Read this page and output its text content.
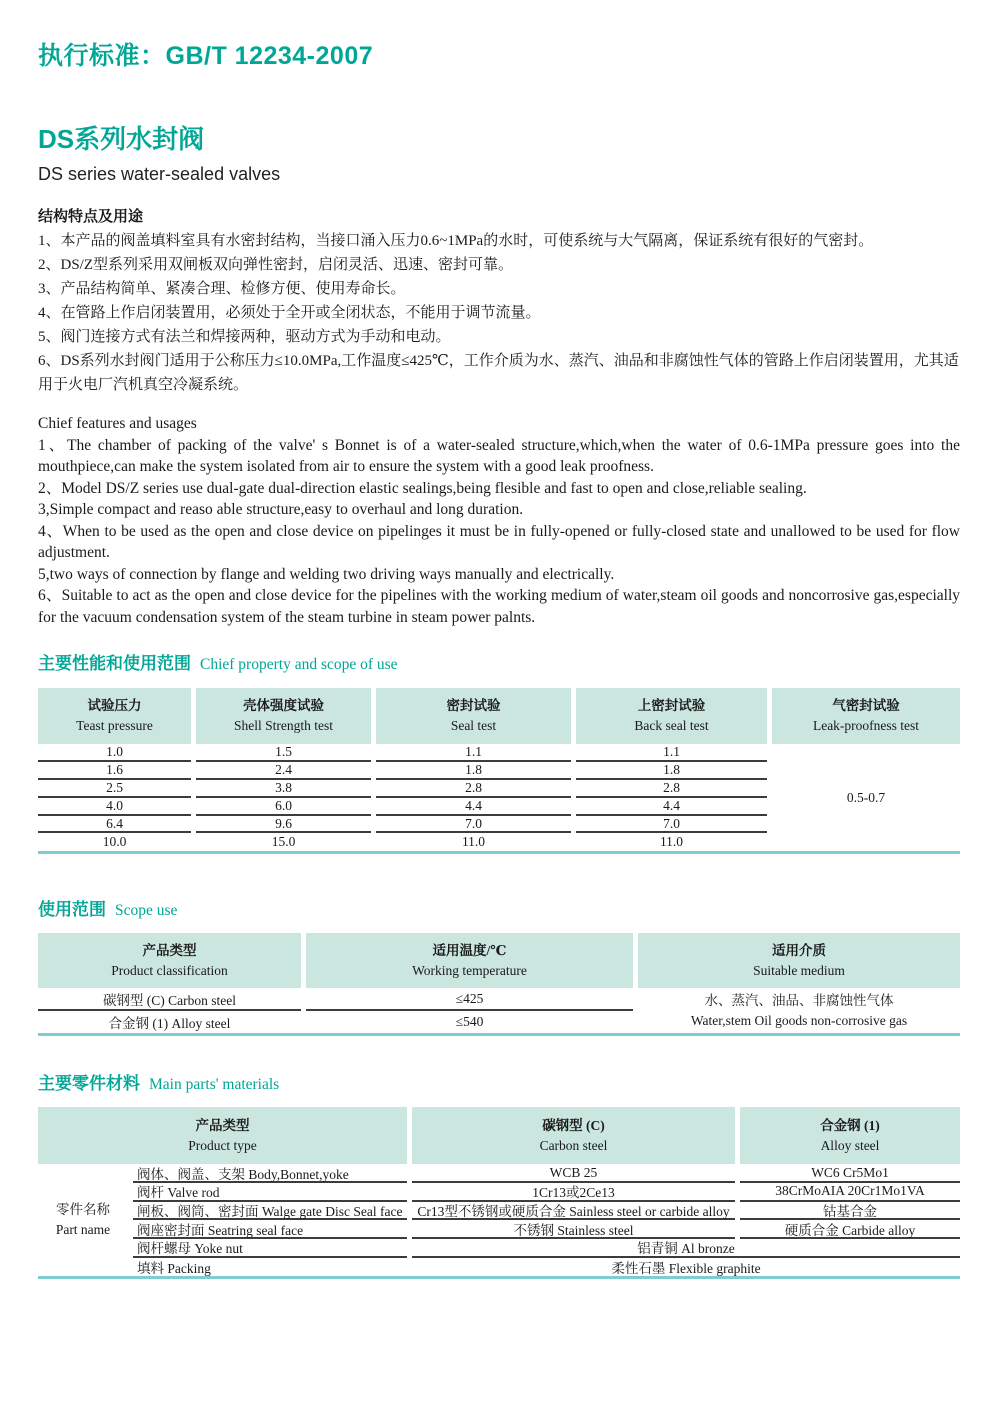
执行标准：GB/T 12234-2007
DS系列水封阀
DS series water-sealed valves
结构特点及用途
1、本产品的阀盖填料室具有水密封结构，当接口涌入压力0.6~1MPa的水时，可使系统与大气隔离，保证系统有很好的气密封。
2、DS/Z型系列采用双闸板双向弹性密封，启闭灵活、迅速、密封可靠。
3、产品结构简单、紧凑合理、检修方便、使用寿命长。
4、在管路上作启闭装置用，必须处于全开或全闭状态，不能用于调节流量。
5、阀门连接方式有法兰和焊接两种，驱动方式为手动和电动。
6、DS系列水封阀门适用于公称压力≤10.0MPa,工作温度≤425℃，工作介质为水、蒸汽、油品和非腐蚀性气体的管路上作启闭装置用，尤其适用于火电厂汽机真空冷凝系统。
Chief features and usages
1、The chamber of packing of the valve' s Bonnet is of a water-sealed structure,which,when the water of 0.6-1MPa pressure goes into the mouthpiece,can make the system isolated from air to ensure the system with a good leak proofness.
2、Model DS/Z series use dual-gate dual-direction elastic sealings,being flesible and fast to open and close,reliable sealing.
3,Simple compact and reaso able structure,easy to overhaul and long duration.
4、When to be used as the open and close device on pipelinges it must be in fully-opened or fully-closed state and unallowed to be used for flow adjustment.
5,two ways of connection by flange and welding two driving ways manually and electrically.
6、Suitable to act as the open and close device for the pipelines with the working medium of water,steam oil goods and noncorrosive gas,especially for the vacuum condensation system of the steam turbine in steam power palnts.
主要性能和使用范围 Chief property and scope of use
试验压力
Teast pressure
壳体强度试验
Shell Strength test
密封试验
Seal test
上密封试验
Back seal test
气密封试验
Leak-proofness test
1.0	1.5	1.1	1.1
0.5-0.7
1.6	2.4	1.8	1.8
2.5	3.8	2.8	2.8
4.0	6.0	4.4	4.4
6.4	9.6	7.0	7.0
10.0	15.0	11.0	11.0
使用范围 Scope use
产品类型
Product classification
适用温度/℃
Working temperature
适用介质
Suitable medium
碳钢型 (C) Carbon steel	≤425	水、蒸汽、油品、非腐蚀性气体
Water,stem Oil goods non-corrosive gas
合金钢 (1) Alloy steel	≤540
主要零件材料 Main parts' materials
产品类型
Product type
碳钢型 (C)
Carbon steel
合金钢 (1)
Alloy steel
零件名称
Part name
阀体、阀盖、支架 Body,Bonnet,yoke	WCB 25	WC6 Cr5Mo1
阀杆 Valve rod	1Cr13或2Ce13	38CrMoAIA 20Cr1Mo1VA
闸板、阀筒、密封面 Walge gate Disc Seal face	Cr13型不锈钢或硬质合金 Sainless steel or carbide alloy	钴基合金
阀座密封面 Seatring seal face	不锈钢 Stainless steel	硬质合金 Carbide alloy
阀杆螺母 Yoke nut	铝青铜 Al bronze
填料 Packing	柔性石墨 Flexible graphite
